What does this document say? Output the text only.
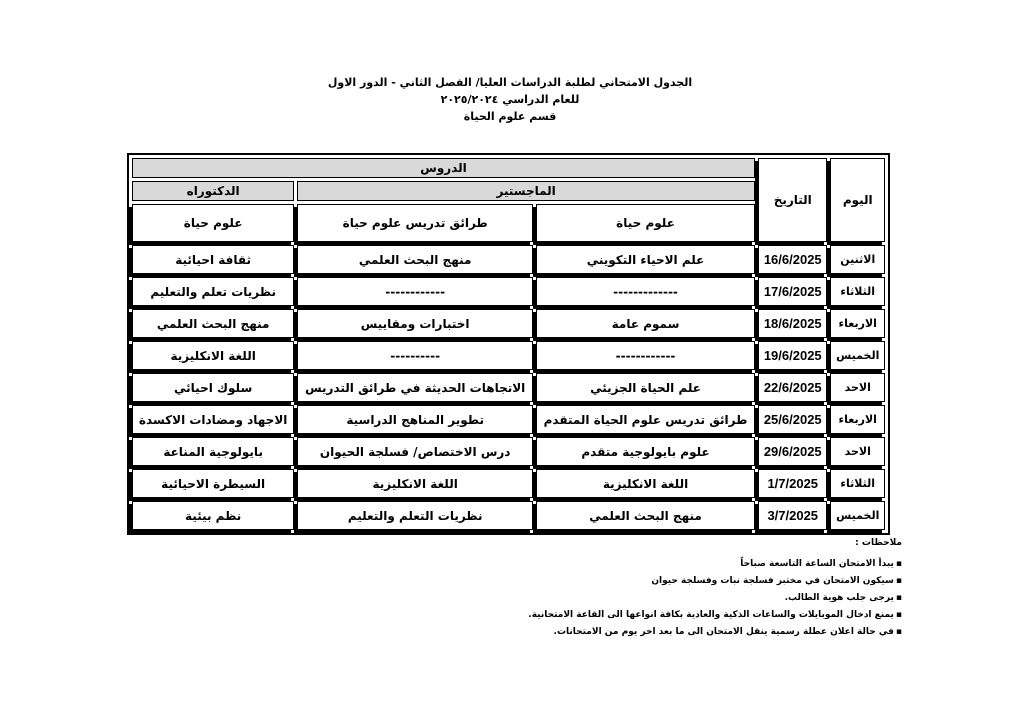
الجدول الامتحاني لطلبة الدراسات العليا/ الفصل الثاني - الدور الاول
للعام الدراسي ٢٠٢٥/٢٠٢٤
قسم علوم الحياة
اليوم	التاريخ	الدروس		
		الماجستير		الدكتوراه
		علوم حياة	طرائق تدريس علوم حياة	علوم حياة
الاثنين	16/6/2025	علم الاحياء التكويني	منهج البحث العلمي	ثقافة احيائية
الثلاثاء	17/6/2025	-------------	------------	نظريات تعلم والتعليم
الاربعاء	18/6/2025	سموم عامة	اختبارات ومقاييس	منهج البحث العلمي
الخميس	19/6/2025	------------	----------	اللغة الانكليزية
الاحد	22/6/2025	علم الحياة الجزيئي	الاتجاهات الحديثة في طرائق التدريس	سلوك احيائي
الاربعاء	25/6/2025	طرائق تدريس علوم الحياة المتقدم	تطوير المناهج الدراسية	الاجهاد ومضادات الاكسدة
الاحد	29/6/2025	علوم بايولوجية متقدم	درس الاختصاص/ فسلجة الحيوان	بايولوجية المناعة
الثلاثاء	1/7/2025	اللغة الانكليزية	اللغة الانكليزية	السيطرة الاحيائية
الخميس	3/7/2025	منهج البحث العلمي	نظريات التعلم والتعليم	نظم بيئية
ملاحظات :
▪يبدأ الامتحان الساعة التاسعة صباحاً
▪سيكون الامتحان في مختبر فسلجة نبات وفسلجة حيوان
▪يرجى جلب هوية الطالب.
▪يمنع ادخال الموبايلات والساعات الذكية والعادية بكافة انواعها الى القاعة الامتحانية.
▪في حالة اعلان عطلة رسمية ينقل الامتحان الى ما بعد اخر يوم من الامتحانات.
